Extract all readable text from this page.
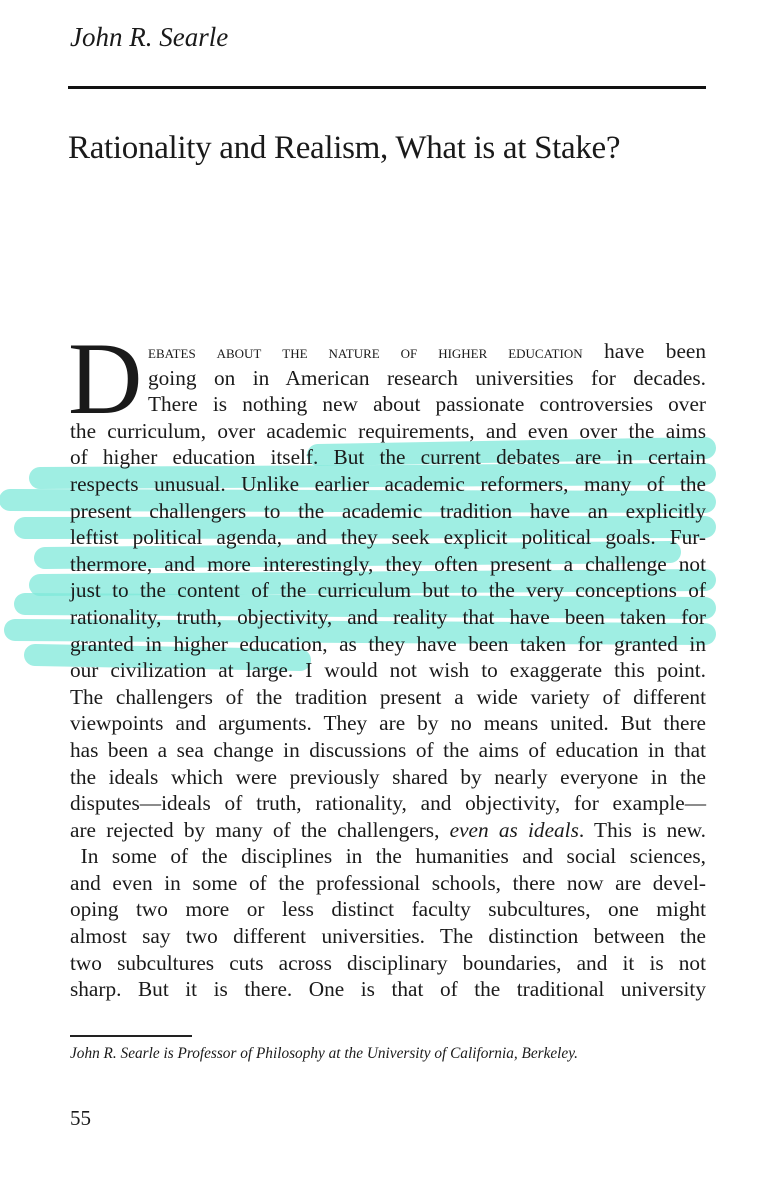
John R. Searle
Rationality and Realism, What is at Stake?
D ebates about the nature of higher education have been
going on in American research universities for decades.
There is nothing new about passionate controversies over
the curriculum, over academic requirements, and even over the aims
of higher education itself. But the current debates are in certain
respects unusual. Unlike earlier academic reformers, many of the
present challengers to the academic tradition have an explicitly
leftist political agenda, and they seek explicit political goals. Fur-
thermore, and more interestingly, they often present a challenge not
just to the content of the curriculum but to the very conceptions of
rationality, truth, objectivity, and reality that have been taken for
granted in higher education, as they have been taken for granted in
our civilization at large. I would not wish to exaggerate this point.
The challengers of the tradition present a wide variety of different
viewpoints and arguments. They are by no means united. But there
has been a sea change in discussions of the aims of education in that
the ideals which were previously shared by nearly everyone in the
disputes—ideals of truth, rationality, and objectivity, for example—
are rejected by many of the challengers, even as ideals. This is new.
 In some of the disciplines in the humanities and social sciences,
and even in some of the professional schools, there now are devel-
oping two more or less distinct faculty subcultures, one might
almost say two different universities. The distinction between the
two subcultures cuts across disciplinary boundaries, and it is not
sharp. But it is there. One is that of the traditional university
John R. Searle is Professor of Philosophy at the University of California, Berkeley.
55
